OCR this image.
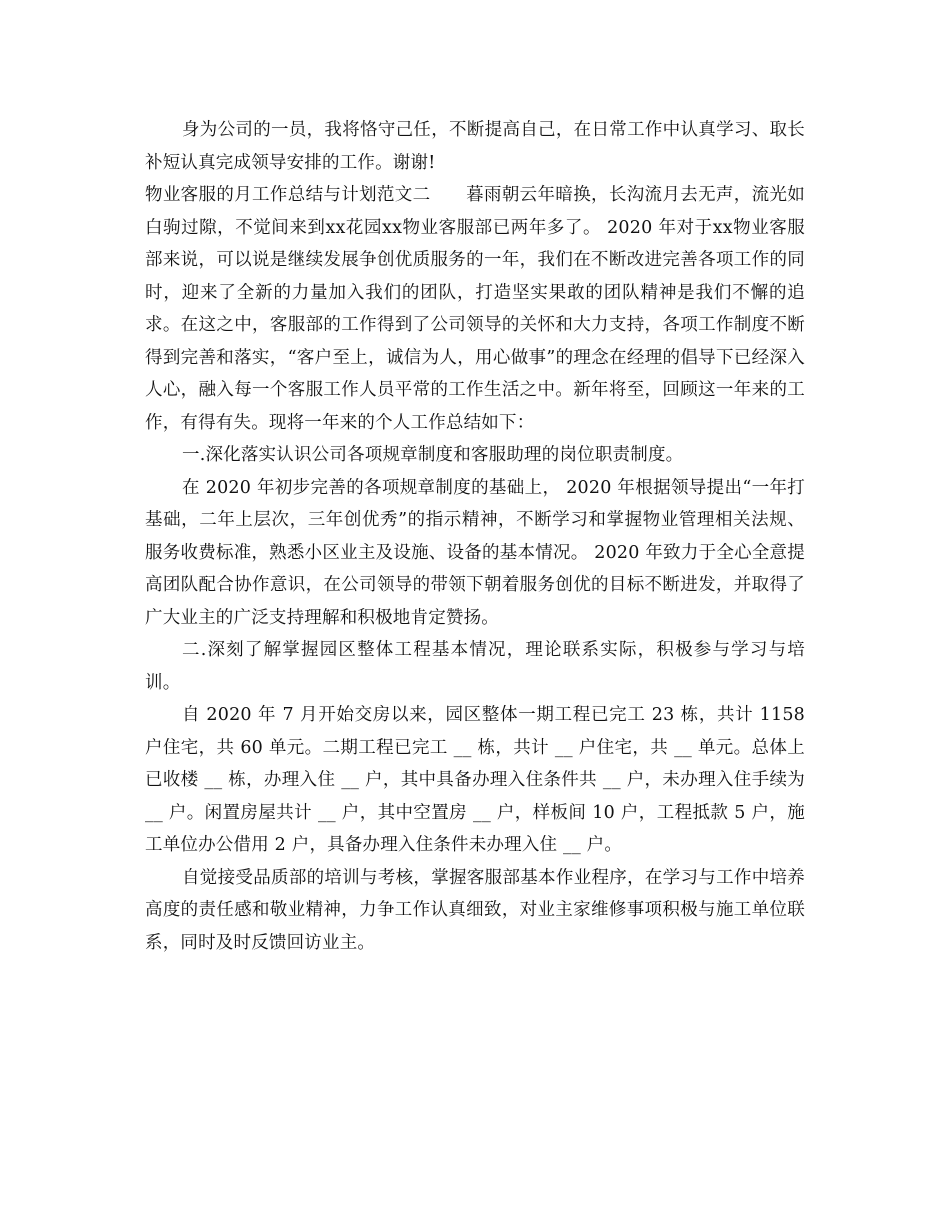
身为公司的一员，我将恪守己任，不断提高自己，在日常工作中认真学习、取长补短认真完成领导安排的工作。谢谢!

物业客服的月工作总结与计划范文二　　暮雨朝云年暗换，长沟流月去无声，流光如白驹过隙，不觉间来到xx花园xx物业客服部已两年多了。 2020 年对于xx物业客服部来说，可以说是继续发展争创优质服务的一年，我们在不断改进完善各项工作的同时，迎来了全新的力量加入我们的团队，打造坚实果敢的团队精神是我们不懈的追求。在这之中，客服部的工作得到了公司领导的关怀和大力支持，各项工作制度不断得到完善和落实，“客户至上，诚信为人，用心做事”的理念在经理的倡导下已经深入人心，融入每一个客服工作人员平常的工作生活之中。新年将至，回顾这一年来的工作，有得有失。现将一年来的个人工作总结如下：

一.深化落实认识公司各项规章制度和客服助理的岗位职责制度。

在 2020 年初步完善的各项规章制度的基础上， 2020 年根据领导提出“一年打基础，二年上层次，三年创优秀”的指示精神，不断学习和掌握物业管理相关法规、服务收费标准，熟悉小区业主及设施、设备的基本情况。 2020 年致力于全心全意提高团队配合协作意识，在公司领导的带领下朝着服务创优的目标不断进发，并取得了广大业主的广泛支持理解和积极地肯定赞扬。

二.深刻了解掌握园区整体工程基本情况，理论联系实际，积极参与学习与培训。

自 2020 年 7 月开始交房以来，园区整体一期工程已完工 23 栋，共计 1158户住宅，共 60 单元。二期工程已完工 __ 栋，共计 __ 户住宅，共 __ 单元。总体上已收楼 __ 栋，办理入住 __ 户，其中具备办理入住条件共 __ 户，未办理入住手续为 __ 户。闲置房屋共计 __ 户，其中空置房 __ 户，样板间 10 户，工程抵款 5 户，施工单位办公借用 2 户，具备办理入住条件未办理入住 __ 户。

自觉接受品质部的培训与考核，掌握客服部基本作业程序，在学习与工作中培养高度的责任感和敬业精神，力争工作认真细致，对业主家维修事项积极与施工单位联系，同时及时反馈回访业主。
